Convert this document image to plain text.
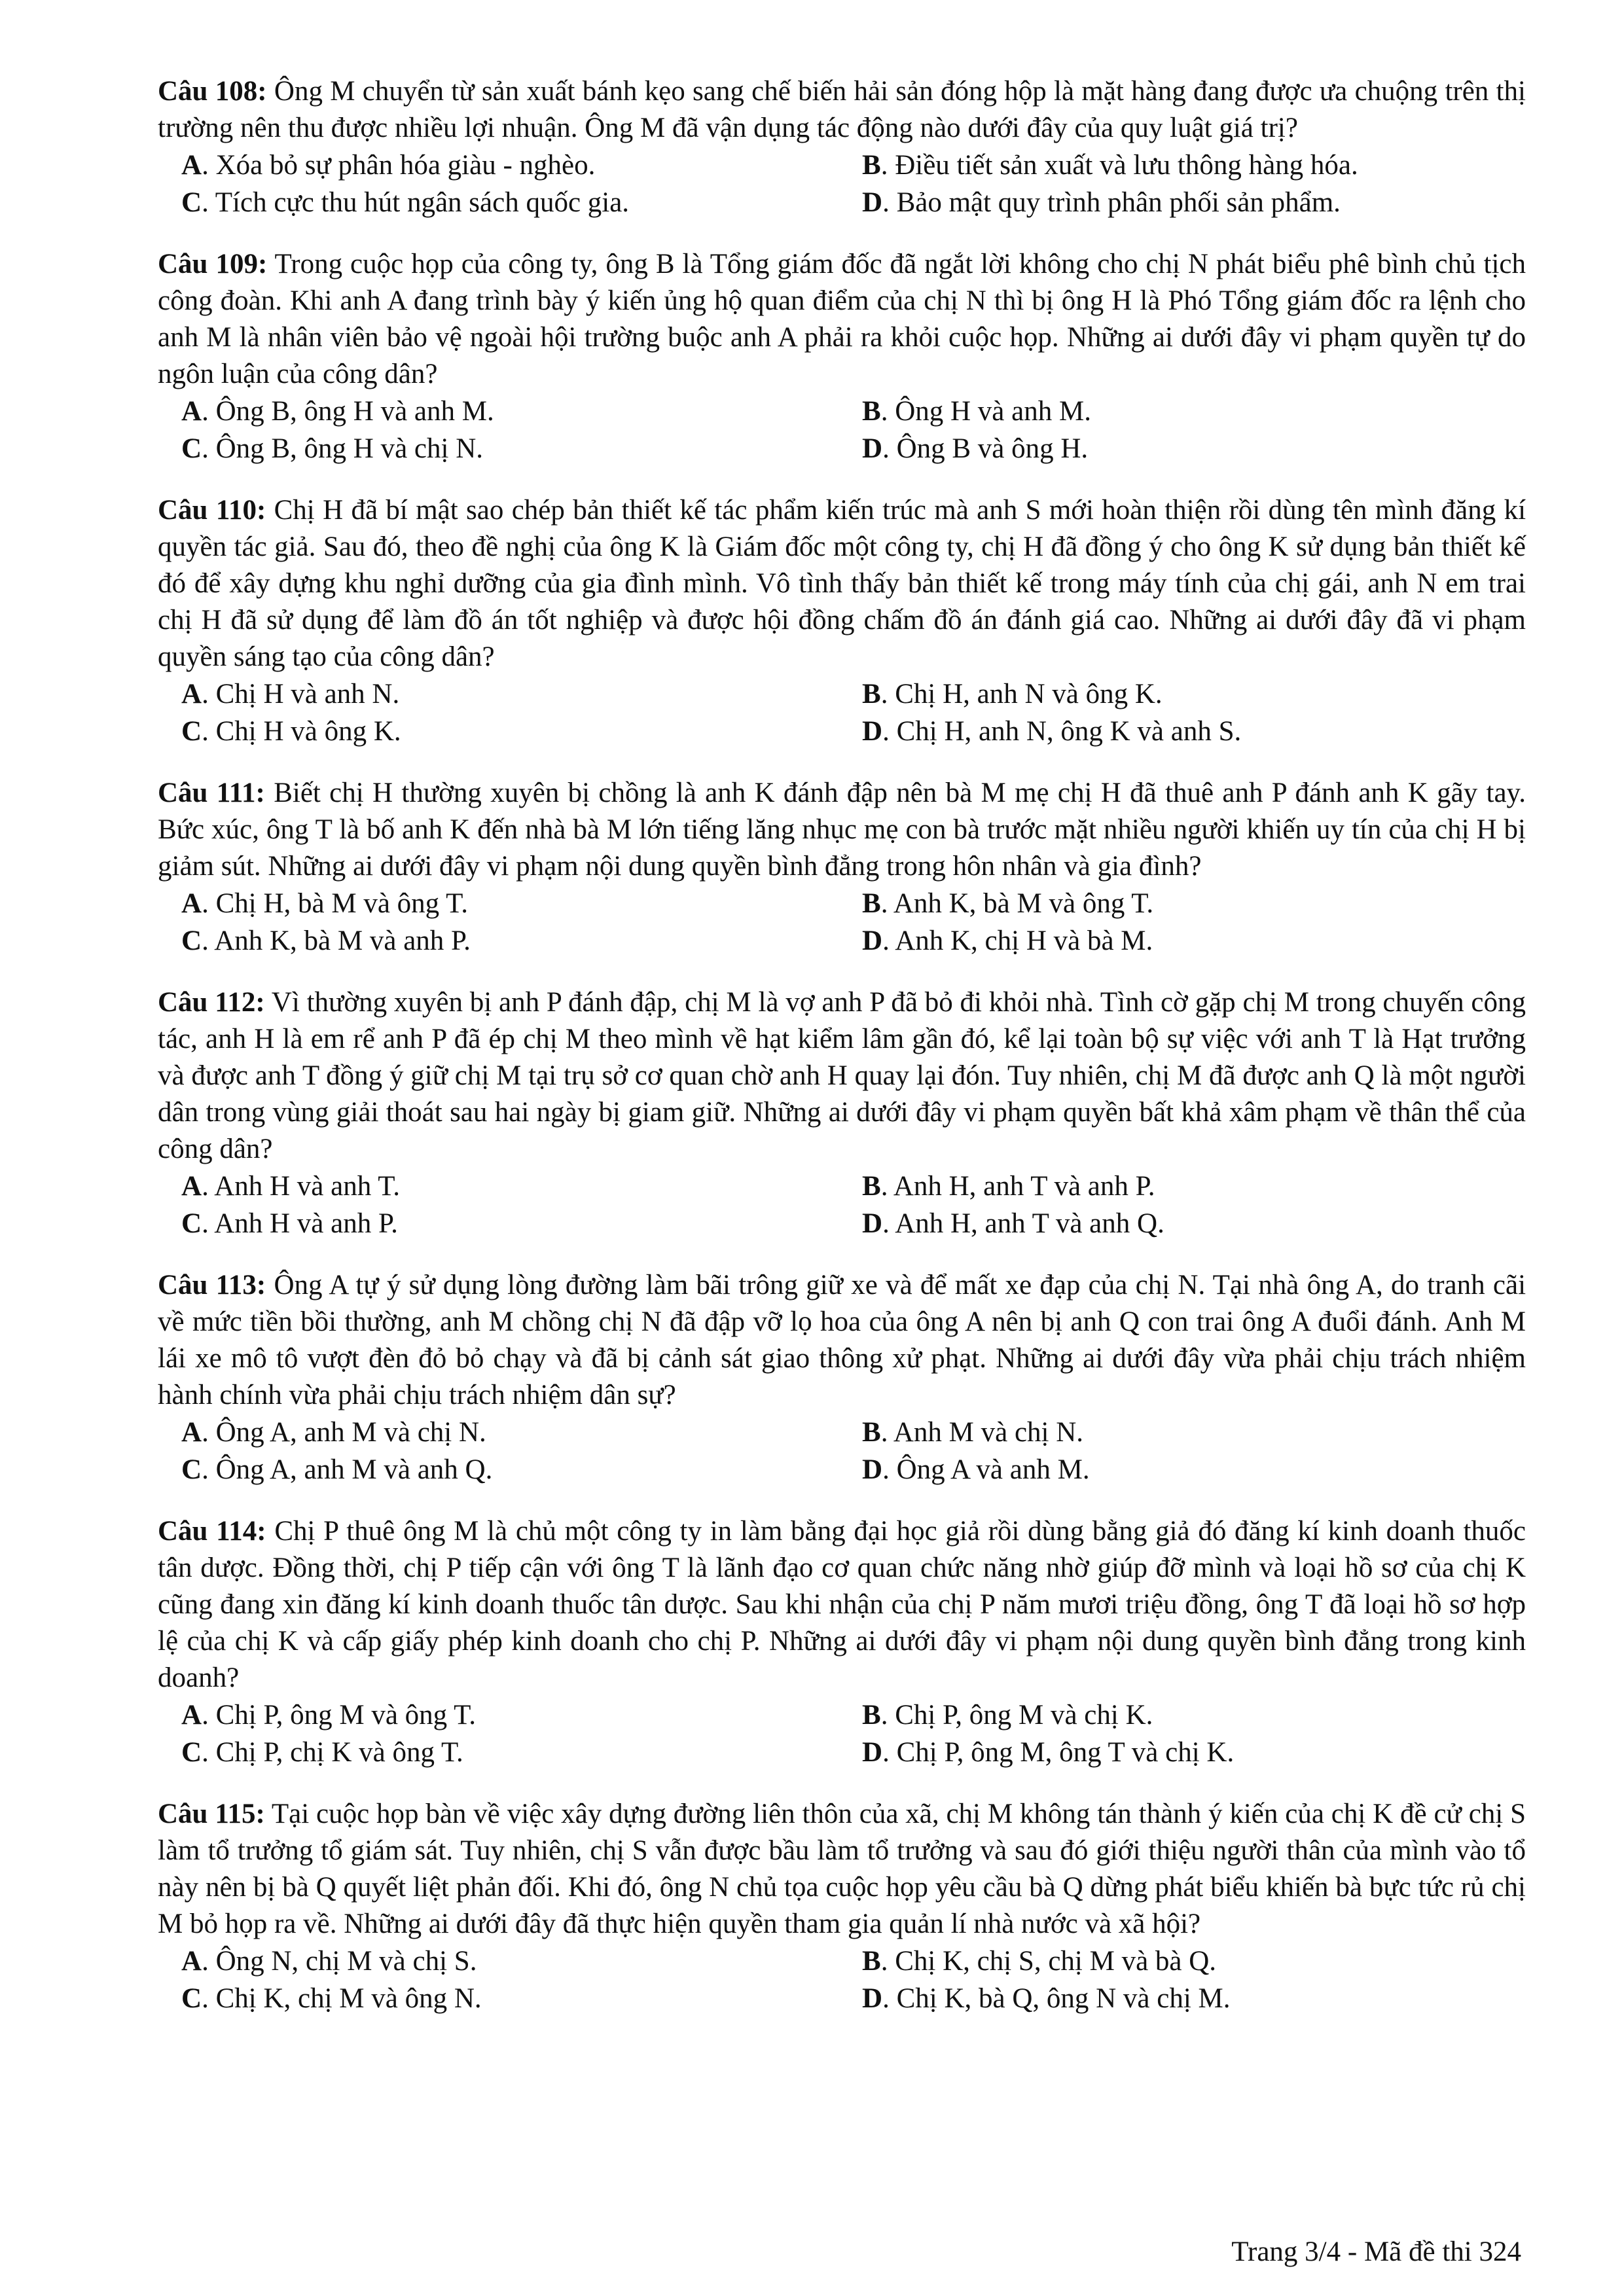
Câu 108: Ông M chuyển từ sản xuất bánh kẹo sang chế biến hải sản đóng hộp là mặt hàng đang được ưa chuộng trên thị trường nên thu được nhiều lợi nhuận. Ông M đã vận dụng tác động nào dưới đây của quy luật giá trị?

A. Xóa bỏ sự phân hóa giàu - nghèo.	B. Điều tiết sản xuất và lưu thông hàng hóa.
C. Tích cực thu hút ngân sách quốc gia.	D. Bảo mật quy trình phân phối sản phẩm.

Câu 109: Trong cuộc họp của công ty, ông B là Tổng giám đốc đã ngắt lời không cho chị N phát biểu phê bình chủ tịch công đoàn. Khi anh A đang trình bày ý kiến ủng hộ quan điểm của chị N thì bị ông H là Phó Tổng giám đốc ra lệnh cho anh M là nhân viên bảo vệ ngoài hội trường buộc anh A phải ra khỏi cuộc họp. Những ai dưới đây vi phạm quyền tự do ngôn luận của công dân?

A. Ông B, ông H và anh M.	B. Ông H và anh M.
C. Ông B, ông H và chị N.	D. Ông B và ông H.

Câu 110: Chị H đã bí mật sao chép bản thiết kế tác phẩm kiến trúc mà anh S mới hoàn thiện rồi dùng tên mình đăng kí quyền tác giả. Sau đó, theo đề nghị của ông K là Giám đốc một công ty, chị H đã đồng ý cho ông K sử dụng bản thiết kế đó để xây dựng khu nghỉ dưỡng của gia đình mình. Vô tình thấy bản thiết kế trong máy tính của chị gái, anh N em trai chị H đã sử dụng để làm đồ án tốt nghiệp và được hội đồng chấm đồ án đánh giá cao. Những ai dưới đây đã vi phạm quyền sáng tạo của công dân?

A. Chị H và anh N.	B. Chị H, anh N và ông K.
C. Chị H và ông K.	D. Chị H, anh N, ông K và anh S.

Câu 111: Biết chị H thường xuyên bị chồng là anh K đánh đập nên bà M mẹ chị H đã thuê anh P đánh anh K gãy tay. Bức xúc, ông T là bố anh K đến nhà bà M lớn tiếng lăng nhục mẹ con bà trước mặt nhiều người khiến uy tín của chị H bị giảm sút. Những ai dưới đây vi phạm nội dung quyền bình đẳng trong hôn nhân và gia đình?

A. Chị H, bà M và ông T.	B. Anh K, bà M và ông T.
C. Anh K, bà M và anh P.	D. Anh K, chị H và bà M.

Câu 112: Vì thường xuyên bị anh P đánh đập, chị M là vợ anh P đã bỏ đi khỏi nhà. Tình cờ gặp chị M trong chuyến công tác, anh H là em rể anh P đã ép chị M theo mình về hạt kiểm lâm gần đó, kể lại toàn bộ sự việc với anh T là Hạt trưởng và được anh T đồng ý giữ chị M tại trụ sở cơ quan chờ anh H quay lại đón. Tuy nhiên, chị M đã được anh Q là một người dân trong vùng giải thoát sau hai ngày bị giam giữ. Những ai dưới đây vi phạm quyền bất khả xâm phạm về thân thể của công dân?

A. Anh H và anh T.	B. Anh H, anh T và anh P.
C. Anh H và anh P.	D. Anh H, anh T và anh Q.

Câu 113: Ông A tự ý sử dụng lòng đường làm bãi trông giữ xe và để mất xe đạp của chị N. Tại nhà ông A, do tranh cãi về mức tiền bồi thường, anh M chồng chị N đã đập vỡ lọ hoa của ông A nên bị anh Q con trai ông A đuổi đánh. Anh M lái xe mô tô vượt đèn đỏ bỏ chạy và đã bị cảnh sát giao thông xử phạt. Những ai dưới đây vừa phải chịu trách nhiệm hành chính vừa phải chịu trách nhiệm dân sự?

A. Ông A, anh M và chị N.	B. Anh M và chị N.
C. Ông A, anh M và anh Q.	D. Ông A và anh M.

Câu 114: Chị P thuê ông M là chủ một công ty in làm bằng đại học giả rồi dùng bằng giả đó đăng kí kinh doanh thuốc tân dược. Đồng thời, chị P tiếp cận với ông T là lãnh đạo cơ quan chức năng nhờ giúp đỡ mình và loại hồ sơ của chị K cũng đang xin đăng kí kinh doanh thuốc tân dược. Sau khi nhận của chị P năm mươi triệu đồng, ông T đã loại hồ sơ hợp lệ của chị K và cấp giấy phép kinh doanh cho chị P. Những ai dưới đây vi phạm nội dung quyền bình đẳng trong kinh doanh?

A. Chị P, ông M và ông T.	B. Chị P, ông M và chị K.
C. Chị P, chị K và ông T.	D. Chị P, ông M, ông T và chị K.

Câu 115: Tại cuộc họp bàn về việc xây dựng đường liên thôn của xã, chị M không tán thành ý kiến của chị K đề cử chị S làm tổ trưởng tổ giám sát. Tuy nhiên, chị S vẫn được bầu làm tổ trưởng và sau đó giới thiệu người thân của mình vào tổ này nên bị bà Q quyết liệt phản đối. Khi đó, ông N chủ tọa cuộc họp yêu cầu bà Q dừng phát biểu khiến bà bực tức rủ chị M bỏ họp ra về. Những ai dưới đây đã thực hiện quyền tham gia quản lí nhà nước và xã hội?

A. Ông N, chị M và chị S.	B. Chị K, chị S, chị M và bà Q.
C. Chị K, chị M và ông N.	D. Chị K, bà Q, ông N và chị M.
Trang 3/4 - Mã đề thi 324
